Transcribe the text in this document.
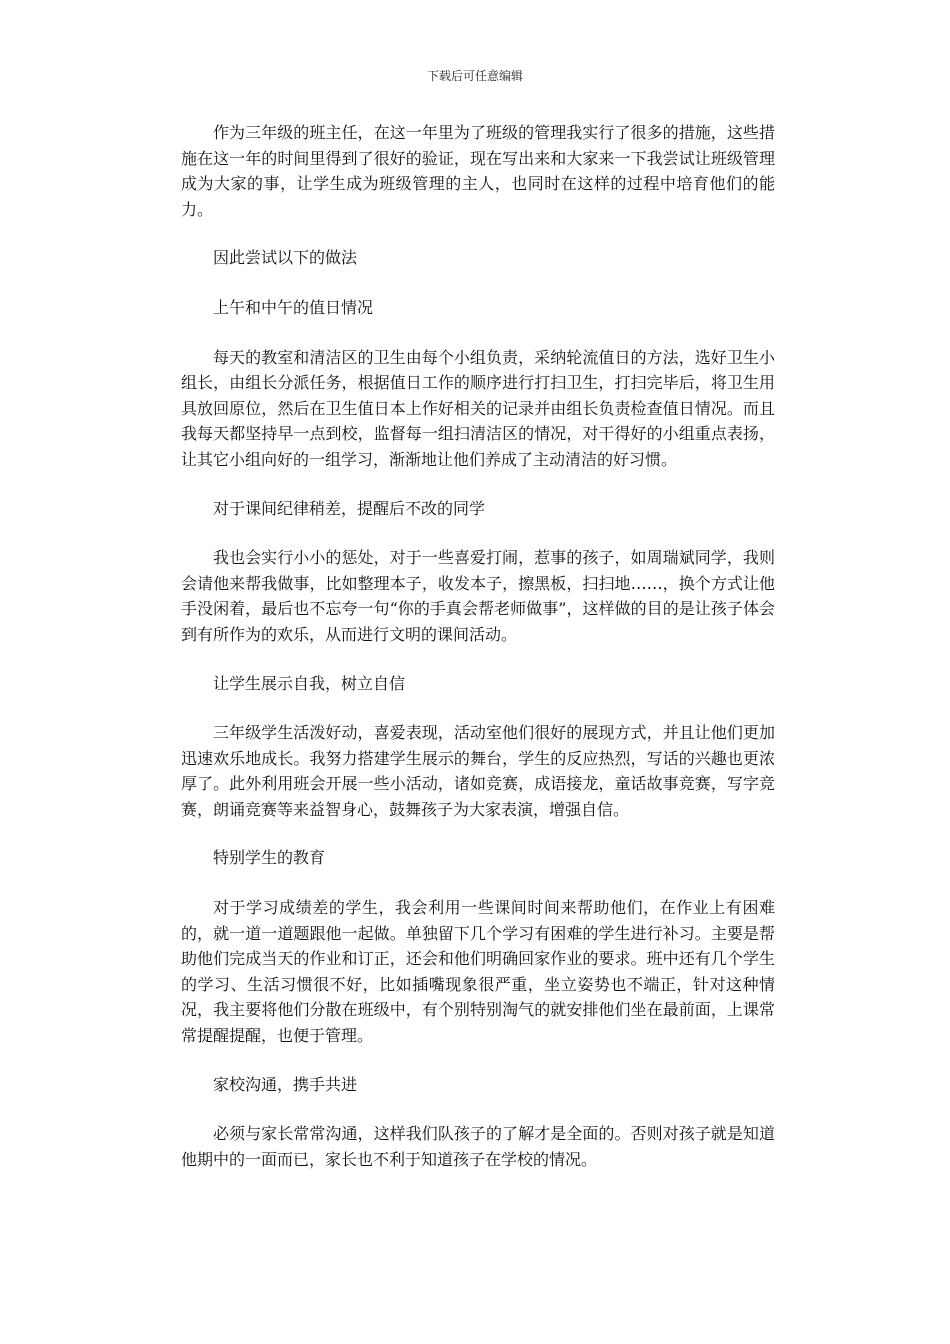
下载后可任意编辑

作为三年级的班主任，在这一年里为了班级的管理我实行了很多的措施，这些措施在这一年的时间里得到了很好的验证，现在写出来和大家来一下我尝试让班级管理成为大家的事，让学生成为班级管理的主人，也同时在这样的过程中培育他们的能力。

因此尝试以下的做法

上午和中午的值日情况

每天的教室和清洁区的卫生由每个小组负责，采纳轮流值日的方法，选好卫生小组长，由组长分派任务，根据值日工作的顺序进行打扫卫生，打扫完毕后，将卫生用具放回原位，然后在卫生值日本上作好相关的记录并由组长负责检查值日情况。而且我每天都坚持早一点到校，监督每一组扫清洁区的情况，对干得好的小组重点表扬，让其它小组向好的一组学习，渐渐地让他们养成了主动清洁的好习惯。

对于课间纪律稍差，提醒后不改的同学

我也会实行小小的惩处，对于一些喜爱打闹，惹事的孩子，如周瑞斌同学，我则会请他来帮我做事，比如整理本子，收发本子，擦黑板，扫扫地……，换个方式让他手没闲着，最后也不忘夸一句“你的手真会帮老师做事”，这样做的目的是让孩子体会到有所作为的欢乐，从而进行文明的课间活动。

让学生展示自我，树立自信

三年级学生活泼好动，喜爱表现，活动室他们很好的展现方式，并且让他们更加迅速欢乐地成长。我努力搭建学生展示的舞台，学生的反应热烈，写话的兴趣也更浓厚了。此外利用班会开展一些小活动，诸如竞赛，成语接龙，童话故事竞赛，写字竞赛，朗诵竞赛等来益智身心，鼓舞孩子为大家表演，增强自信。

特别学生的教育

对于学习成绩差的学生，我会利用一些课间时间来帮助他们，在作业上有困难的，就一道一道题跟他一起做。单独留下几个学习有困难的学生进行补习。主要是帮助他们完成当天的作业和订正，还会和他们明确回家作业的要求。班中还有几个学生的学习、生活习惯很不好，比如插嘴现象很严重，坐立姿势也不端正，针对这种情况，我主要将他们分散在班级中，有个别特别淘气的就安排他们坐在最前面，上课常常提醒提醒，也便于管理。

家校沟通，携手共进

必须与家长常常沟通，这样我们队孩子的了解才是全面的。否则对孩子就是知道他期中的一面而已，家长也不利于知道孩子在学校的情况。
